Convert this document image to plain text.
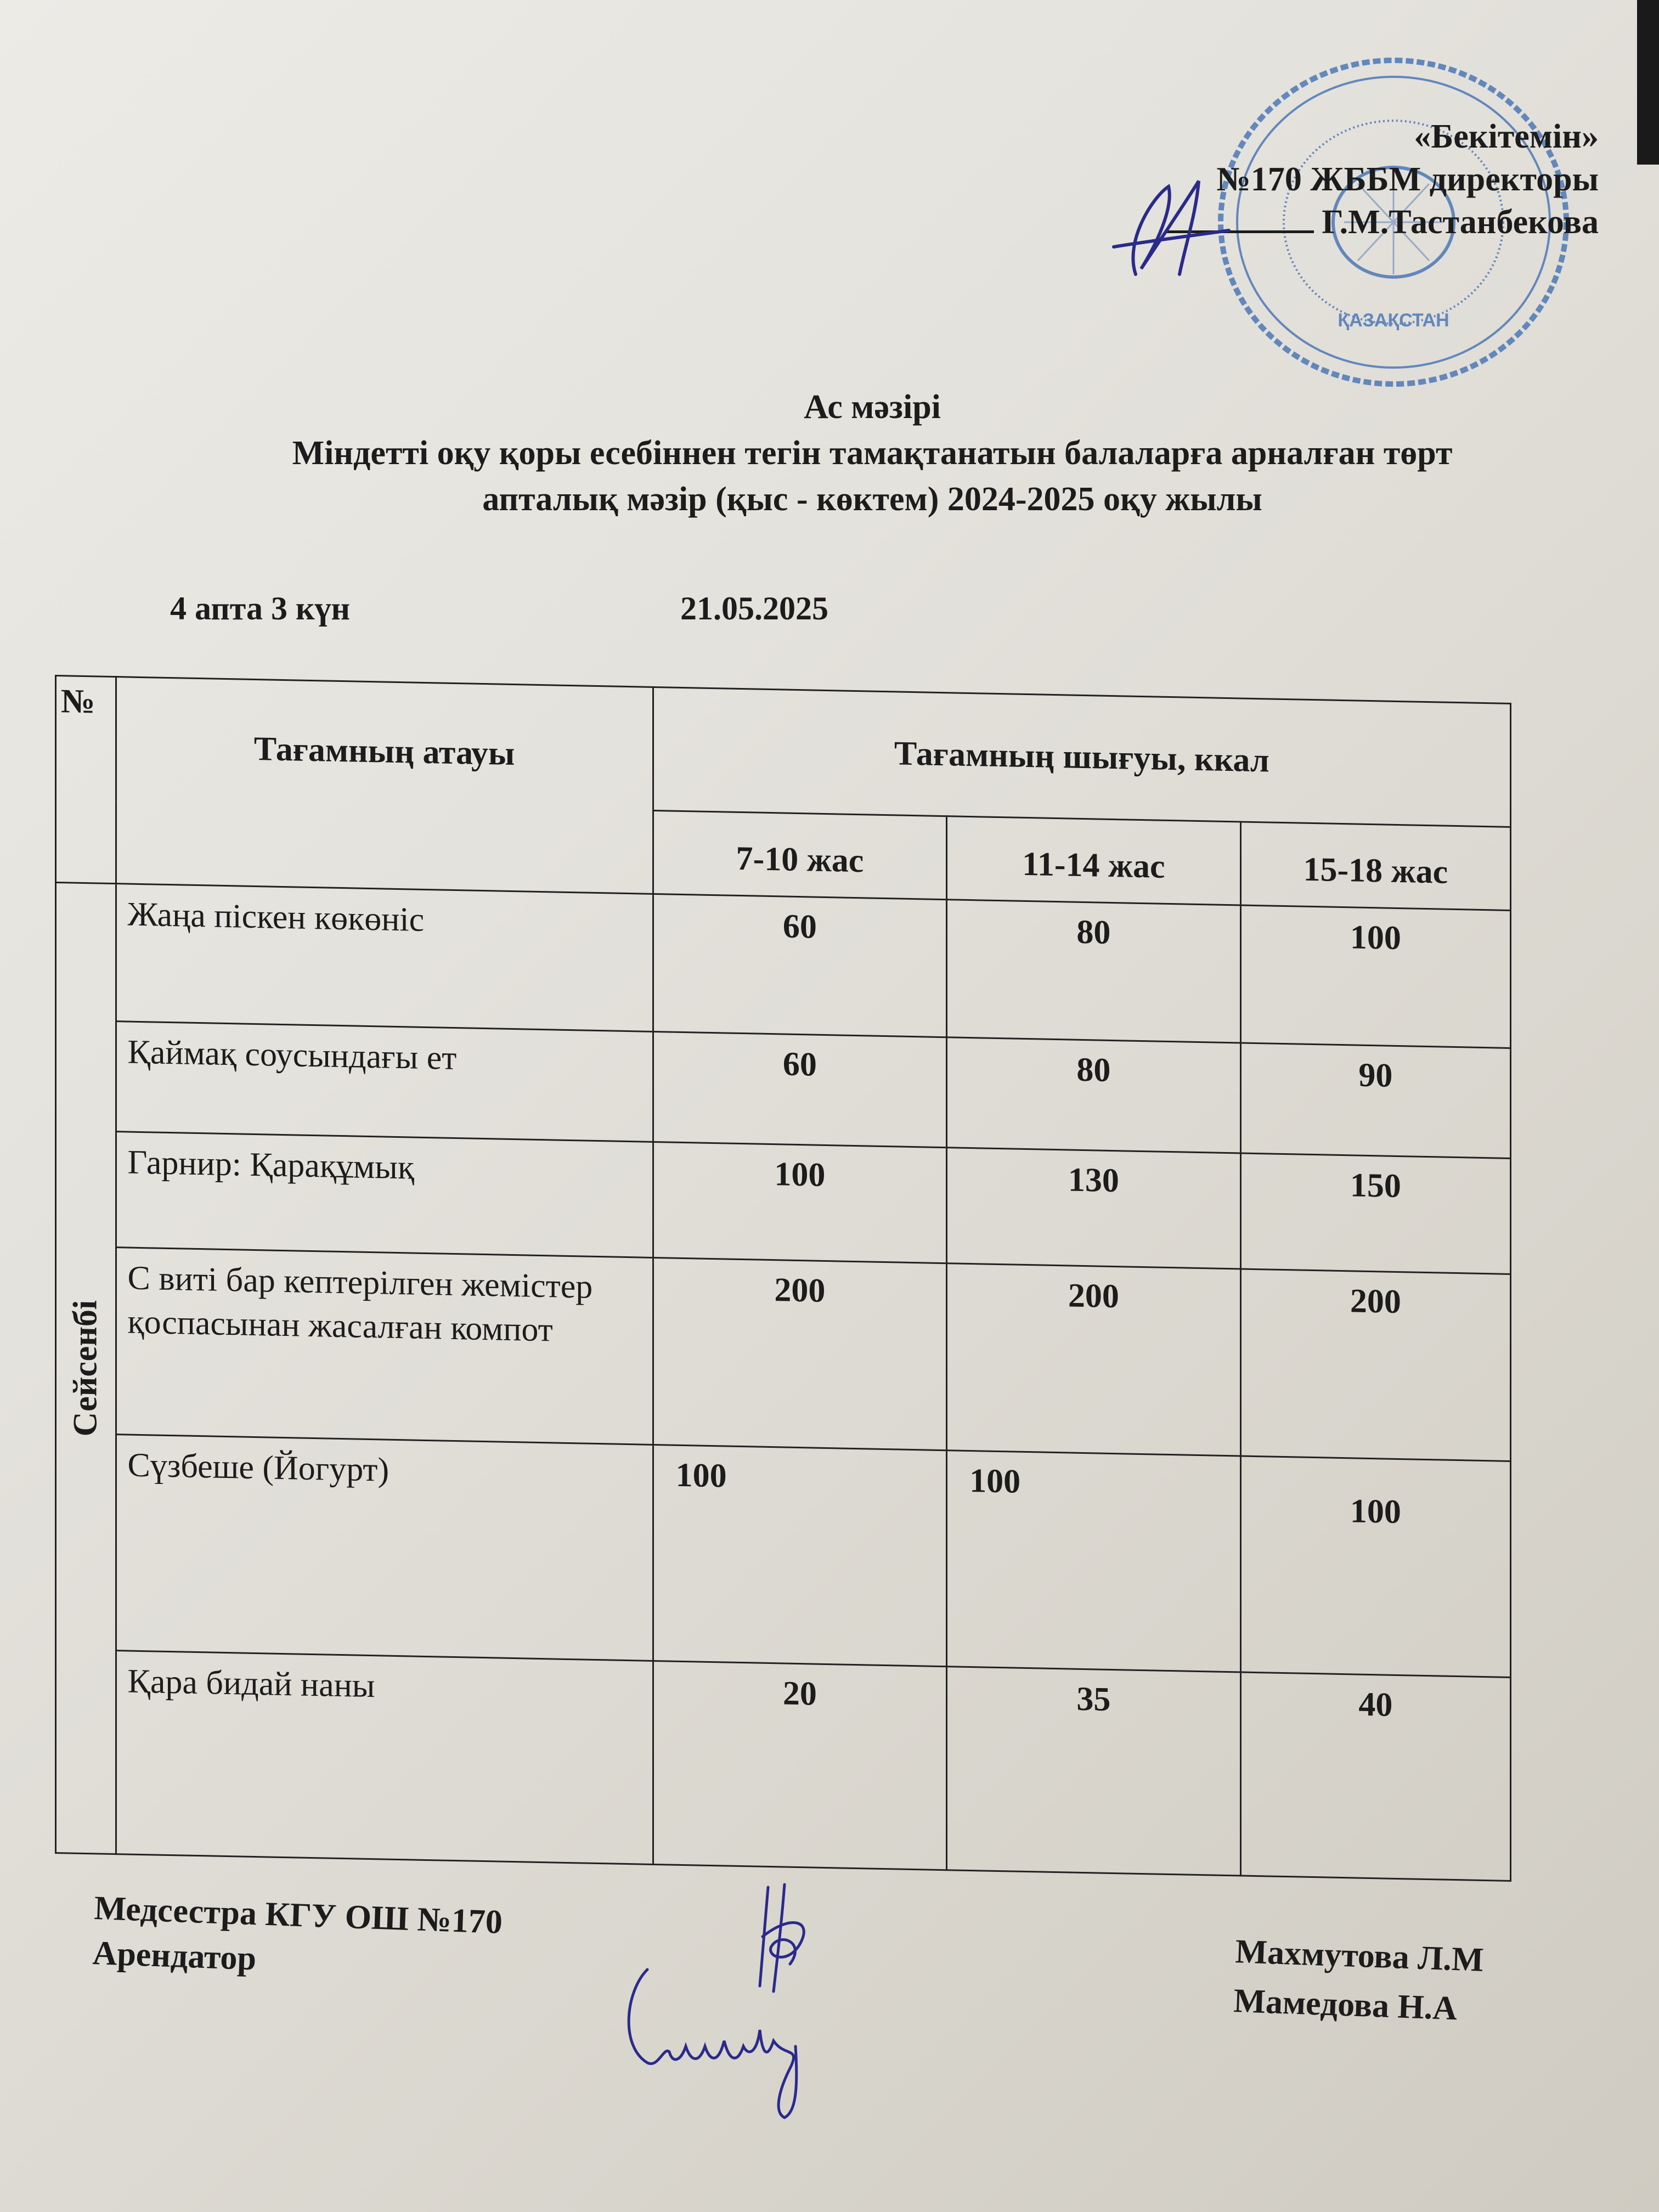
ҚАЗАҚСТАН
«Бекітемін»
№170 ЖББМ директоры
Г.М.Тастанбекова
Ас мәзірі
Міндетті оқу қоры есебіннен тегін тамақтанатын балаларға арналған төрт
апталық мәзір (қыс - көктем) 2024-2025 оқу жылы
4 апта 3 күн	21.05.2025
№	Тағамның атауы	Тағамның шығуы, ккал		
		7-10 жас	11-14 жас	15-18 жас

Сейсенбі	Жаңа піскен көкөніс	60	80	100
	Қаймақ соусындағы ет	60	80	90
	Гарнир: Қарақұмық	100	130	150
	С виті бар кептерілген жемістер қоспасынан жасалған компот	200	200	200
	Сүзбеше (Йогурт)	100	100	100
	Қара бидай наны	20	35	40
Медсестра КГУ ОШ №170
Арендатор	Махмутова Л.М
Мамедова Н.А
